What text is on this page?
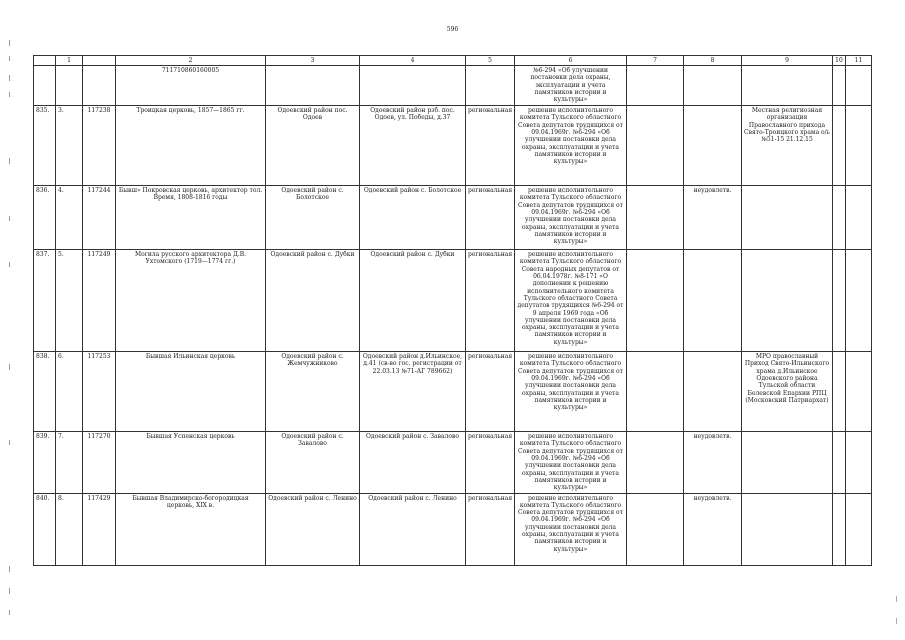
596
	1		2	3	4	5	6	7	8	9	10	11
			711710860160005				№6-294 «Об улучшении постановки дела охраны, эксплуатации и учета памятников истории и культуры»					
835.	3.	117238	Троицкая церковь, 1857—1865 гг.	Одоевский район пос. Одоев	Одоевский район рзб. пос. Одоев, ул. Победы, д.37	региональная	решение исполнительного комитета Тульского областного Совета депутатов трудящихся от 09.04.1969г. №6-294 «Об улучшении постановки дела охраны, эксплуатации и учета памятников истории и культуры»			Местная религиозная организация Православного прихода Свято-Троицкого храма о/ь №51-15 21.12.15		
836.	4.	117244	Бывш» Покровская церковь, архитектор тол. Время, 1808-1816 годы	Одоевский район с. Болотское	Одоевский район с. Болотское	региональная	решение исполнительного комитета Тульского областного Совета депутатов трудящихся от 09.04.1969г. №6-294 «Об улучшении постановки дела охраны, эксплуатации и учета памятников истории и культуры»		неудовлетв.			
837.	5.	117249	Могила русского архитектора Д.В. Ухтомского (1719—1774 гг.)	Одоевский район с. Дубки	Одоевский район с. Дубки	региональная	решение исполнительного комитета Тульского областного Совета народных депутатов от 06.04.1978г. №8-171 «О дополнении к решению исполнительного комитета Тульского областного Совета депутатов трудящихся №6-294 от 9 апреля 1969 года «Об улучшении постановки дела охраны, эксплуатации и учета памятников истории и культуры»					
838.	6.	117253	Бывшая Ильинская церковь	Одоевский район с. Жемчужниково	Одоевский район д.Ильинское, д.41 (св-во гос. регистрации от 22.03.13 №71-АГ 789662)	региональная	решение исполнительного комитета Тульского областного Совета депутатов трудящихся от 09.04.1969г. №6-294 «Об улучшении постановки дела охраны, эксплуатации и учета памятников истории и культуры»			МРО православный Приход Свято-Ильинского храма д.Ильинское Одоевского района Тульской области Белевской Епархии РПЦ (Московский Патриархат)		
839.	7.	117270	Бывшая Успенская церковь	Одоевский район с. Завалово	Одоевский район с. Завалово	региональная	решение исполнительного комитета Тульского областного Совета депутатов трудящихся от 09.04.1969г. №6-294 «Об улучшении постановки дела охраны, эксплуатации и учета памятников истории и культуры»		неудовлетв.			
840.	8.	117429	Бывшая Владимирско-богородицкая церковь, XIX в.	Одоевский район с. Ленино	Одоевский район с. Ленино	региональная	решение исполнительного комитета Тульского областного Совета депутатов трудящихся от 09.04.1969г. №6-294 «Об улучшении постановки дела охраны, эксплуатации и учета памятников истории и культуры»		неудовлетв.			
